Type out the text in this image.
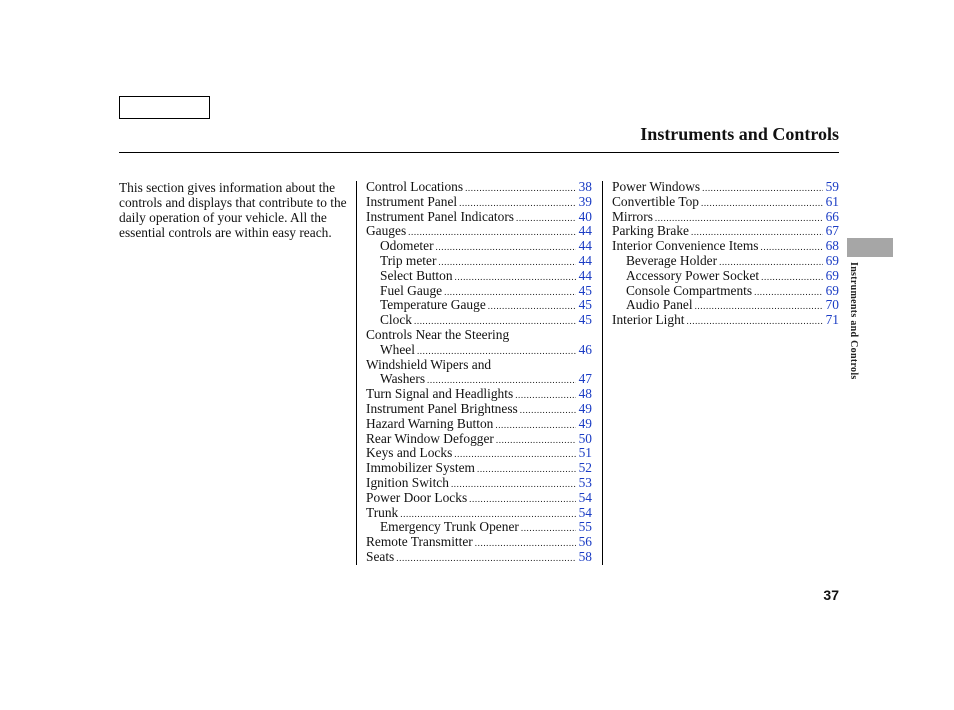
Instruments and Controls
This section gives information about the controls and displays that contribute to the daily operation of your vehicle. All the essential controls are within easy reach.
Control Locations .....	38
Instrument Panel .....	39
Instrument Panel Indicators .....	40
Gauges .....	44
Odometer .....	44
Trip meter .....	44
Select Button .....	44
Fuel Gauge .....	45
Temperature Gauge .....	45
Clock .....	45
Controls Near the Steering
Wheel .....	46
Windshield Wipers and
Washers .....	47
Turn Signal and Headlights .....	48
Instrument Panel Brightness .....	49
Hazard Warning Button .....	49
Rear Window Defogger .....	50
Keys and Locks .....	51
Immobilizer System .....	52
Ignition Switch .....	53
Power Door Locks .....	54
Trunk .....	54
Emergency Trunk Opener .....	55
Remote Transmitter .....	56
Seats .....	58
Power Windows .....	59
Convertible Top .....	61
Mirrors .....	66
Parking Brake .....	67
Interior Convenience Items .....	68
Beverage Holder .....	69
Accessory Power Socket .....	69
Console Compartments .....	69
Audio Panel .....	70
Interior Light .....	71 Instruments and Controls
37
